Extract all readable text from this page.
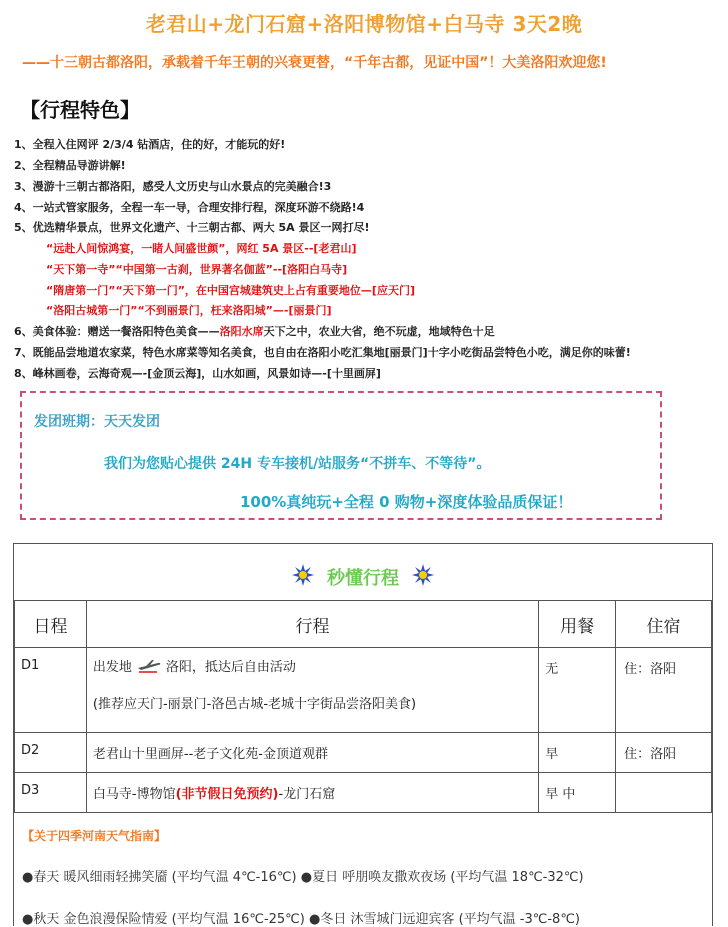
老君山+龙门石窟+洛阳博物馆+白马寺 3天2晚
——十三朝古都洛阳，承载着千年王朝的兴衰更替，“千年古都，见证中国”！大美洛阳欢迎您!
【行程特色】
1、全程入住网评 2/3/4 钻酒店，住的好，才能玩的好!
2、全程精品导游讲解!
3、漫游十三朝古都洛阳，感受人文历史与山水景点的完美融合!3
4、一站式管家服务，全程一车一导，合理安排行程，深度环游不绕路!4
5、优选精华景点，世界文化遗产、十三朝古都、两大 5A 景区一网打尽!
“远赴人间惊鸿宴，一睹人间盛世颜”，网红 5A 景区--[老君山]
“天下第一寺”“中国第一古刹，世界著名伽蓝”--[洛阳白马寺]
“隋唐第一门”“天下第一门”，在中国宫城建筑史上占有重要地位—[应天门]
“洛阳古城第一门”“不到丽景门，枉来洛阳城”—-[丽景门]
6、美食体验：赠送一餐洛阳特色美食——洛阳水席天下之中，农业大省，绝不玩虚，地域特色十足
7、既能品尝地道农家菜，特色水席菜等知名美食，也自由在洛阳小吃汇集地[丽景门]十字小吃街品尝特色小吃，满足你的味蕾!
8、峰林画卷，云海奇观—-[金顶云海]，山水如画，风景如诗—-[十里画屏]
发团班期：天天发团
我们为您贴心提供 24H 专车接机/站服务“不拼车、不等待”。
100%真纯玩+全程 0 购物+深度体验品质保证！
秒懂行程
日程	行程	用餐	住宿
D1	出发地 洛阳，抵达后自由活动
(推荐应天门-丽景门-洛邑古城-老城十字街品尝洛阳美食)	无	住：洛阳
D2	老君山十里画屏--老子文化苑-金顶道观群	早	住：洛阳
D3	白马寺-博物馆(非节假日免预约)-龙门石窟	早 中	
【关于四季河南天气指南】
●春天 暖风细雨轻拂笑靥 (平均气温 4℃-16℃) ●夏日 呼朋唤友撒欢夜场 (平均气温 18℃-32℃)
●秋天 金色浪漫保险情爱 (平均气温 16℃-25℃) ●冬日 沐雪城门远迎宾客 (平均气温 -3℃-8℃)
